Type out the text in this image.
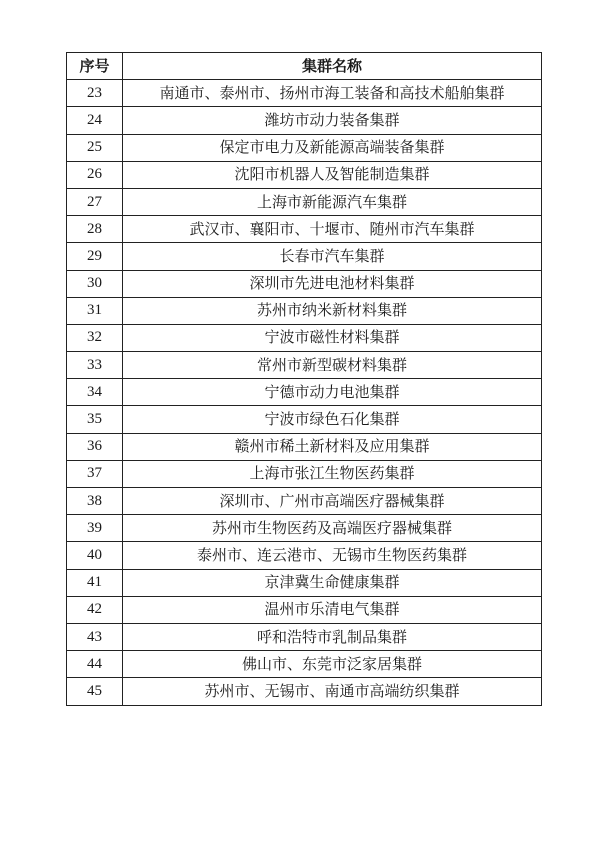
序号	集群名称
23	南通市、泰州市、扬州市海工装备和高技术船舶集群
24	潍坊市动力装备集群
25	保定市电力及新能源高端装备集群
26	沈阳市机器人及智能制造集群
27	上海市新能源汽车集群
28	武汉市、襄阳市、十堰市、随州市汽车集群
29	长春市汽车集群
30	深圳市先进电池材料集群
31	苏州市纳米新材料集群
32	宁波市磁性材料集群
33	常州市新型碳材料集群
34	宁德市动力电池集群
35	宁波市绿色石化集群
36	赣州市稀土新材料及应用集群
37	上海市张江生物医药集群
38	深圳市、广州市高端医疗器械集群
39	苏州市生物医药及高端医疗器械集群
40	泰州市、连云港市、无锡市生物医药集群
41	京津冀生命健康集群
42	温州市乐清电气集群
43	呼和浩特市乳制品集群
44	佛山市、东莞市泛家居集群
45	苏州市、无锡市、南通市高端纺织集群
